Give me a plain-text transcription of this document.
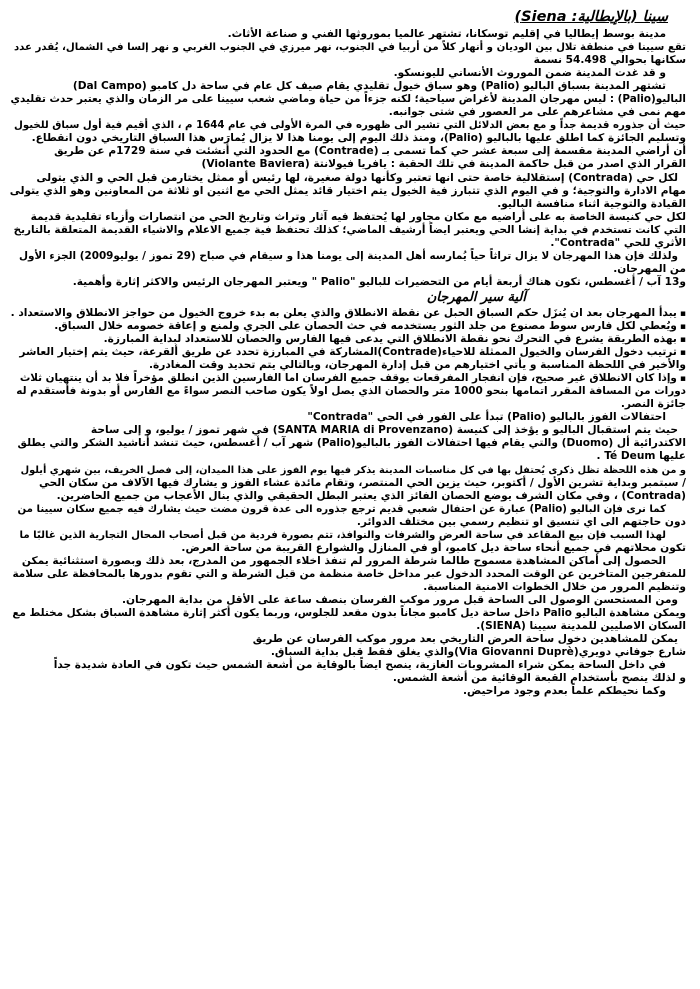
سينا (بالإيطالية: Siena)
مدينة بوسط إيطاليا في إقليم توسكانا، تشتهر عالميا بموروثها الفني و صناعة الأثاث.
تقع سيينا في منطقة تلال بين الوديان و أنهار كلاً من أربيا في الجنوب، نهر ميرزي في الجنوب الغربي و نهر إلسا في الشمال، يُقدر عدد
سكانها بحوالي 54.498 نسمة
و قد غدت المدينة ضمن الموروث الأنساني لليونسكو.
تشتهر المدينة بسباق البالیو (Palio) وهو سباق خيول تقليدي يقام صيف كل عام في ساحة دل كامبو (Dal Campo)
البالیو(Palio) : ليس مهرجان المدينة لأغراض سياحية؛ لكنه جزءاً من حياة وماضي شعب سيينا على مر الزمان والذي يعتبر حدث تقليدي
مهم نمى في مشاعرهم على مر العصور في شتى جوانبه.
حيث أن جذوره قديمة جداً و مع بعض الدلائل التي تشير الى ظهوره في المرة الأولى في عام 1644 م ، الذي أقيم فية أول سباق للخيول
وتسليم الجائزة كما اطلق عليها بالباليو (Palio)، ومنذ ذلك اليوم إلى يومنا هذا لا يزال يُمارَس هذا السباق التاريخي دون انقطاع.
أن أراضي المدينة مقسمة إلى سبعة عشر حي كما تسمى بـ (Contrade) مع الحدود التي أنشئت في سنة 1729م عن طريق
القرار الذي اصدر من قبل حاكمة المدينة في تلك الحقبة : يافريا فيولانتة (Violante Baviera)
لكل حي (Contrada) إستقلالية خاصة حتى انها تعتبر وكأنها دولة صغيرة، لها رئيس أو ممثل يختارمن قبل الحي و الذي يتولى
مهام الادارة والتوجية؛ و في اليوم الذي تتبارز فية الخيول يتم اختيار قائد يمثل الحي مع اثنين او ثلاثة من المعاونين وهو الذي يتولى
القيادة والتوجية اثناء منافسة الباليو.
لكل حي كنيسة الخاصة به على أراضيه مع مكان مجاور لها يُحتفظ فيه آثار وتراث وتاريخ الحي من انتصارات وأزياء تقليدية قديمة
التي كانت تستخدم في بداية إنشا الحي ويعتبر ايضاً أرشيف الماضي؛ كذلك تحتفظ فية جميع الاعلام والاشياء القديمة المتعلقة بالتاريخ
الأثري للحي "Contrada".
ولذلك فإن هذا المهرجان لا يزال تراثاً حياً يُمارسه أهل المدينة إلى يومنا هذا و سيقام في صباح (29 تموز / يوليو2009) الجزء الأول
من المهرجان.
و13 آب / أغسطس، تكون هناك أربعة أيام من التحضيرات للباليو "Palio " ويعتبر المهرجان الرئيس والاكثر إثارة وأهمية.
آلية سير المهرجان
▪ يبدأ المهرجان بعد ان يُنزَل حكم السباق الحبل عن نقطة الانطلاق والذي يعلن به بدء خروج الخيول من حواجز الانطلاق والاستعداد .
▪ ويُعطي لكل فارس سوط مصنوع من جلد الثور يستخدمه في حث الحصان على الجري ولمنع و إعاقة خصومه خلال السباق.
▪ بهذه الطريقة يشرع في التحرك نحو نقطة الانطلاق التي يدعى فيها الفارس والحصان للاستعداد لبداية المبارزة.
▪ ترتيب دخول الفرسان والخيول الممثلة للاحياء(Contrade)المشاركة في المبارزة تحدد عن طريق ألقرعة، حيث يتم إختيار العاشر
والأخير في اللحظة المناسبة و يأتي اختيارهم من قبل إدارة المهرجان، وبالتالي يتم تحديد وقت المغادرة.
▪ وإذا كان الانطلاق غير صحيح، فإن انفجار المفرقعات يوقف جميع الفرسان اما الفارسين الذين انطلق مؤخراً فلا بد أن ينتهيان ثلاث
دورات من المسافة المقرر اتمامها بنحو 1000 متر والحصان الذي يصل اولاً يكون صاحب النصر سواءً مع الفارس أو بدونة فأستقدم له
جائزة النصر.
احتفالات الفوز بالباليو (Palio) تبدأ على الفور في الحي "Contrada"
حيث يتم استقبال الباليو و يؤخذ إلى كنيسة (SANTA MARIA di Provenzano) في شهر تموز / يوليو، و إلى ساحة
الاكتدرائية أل (Duomo) والتي يقام فيها احتفالات الفوز بالباليو(Palio) شهر آب / أغسطس، حيث تنشد أناشيد الشكر والتي يطلق
عليها Té Deum .
و من هذه اللحظة تظل ذكرى يُحتفل بها في كل مناسبات المدينة يذكر فيها يوم الفوز على هذا الميدان، إلى فصل الخريف، بين شهري أيلول
/ سبتمبر وبداية تشرين الأول / أكتوبر، حيث يزين الحي المنتصر، وتقام مائدة عشاء الفوز و يشارك فيها الآلاف من سكان الحي
(Contrada) ، وفي مكان الشرف يوضع الحصان الفائز الذي يعتبر البطل الحقيقي والذي ينال الأعجاب من جميع الحاضرين.
كما نرى فإن الباليو (Palio) عبارة عن احتفال شعبي قديم ترجع جذوره الى عدة قرون مضت حيث يشارك فيه جميع سكان سيينا من
دون حاجتهم الى اي تنسيق او تنظيم رسمي بين مختلف الدوائر.
لهذا السبب فإن بيع المقاعد في ساحة العرض والشرفات والنوافذ، تتم بصورة فردية من قبل أصحاب المحال التجارية الذين غالبًا ما
تكون محلاتهم في جميع أنحاء ساحة ديل كامبو، أو في المنازل والشوارع القريبة من ساحة العرض.
الحصول إلى أماكن المشاهدة مسموح طالما شرطة المرور لم تنفذ اخلاء الجمهور من المدرج، بعد ذلك وبصورة استثنائية يمكن
للمتفرجين المتاخرين عن الوقت المحدد الدخول عبر مداخل خاصة منظمة من قبل الشرطة و التي تقوم بدورها بالمحافظة على سلامة
وتنظيم المرور من خلال الخطوات الامنية المناسبة.
ومن المستحسن الوصول الى الساحة قبل مرور موكب الفرسان بنصف ساعة على الأقل من بداية المهرجان.
ويمكن مشاهدة الباليو Palio داخل ساحة ديل كامبو مجاناً بدون مقعد للجلوس، وربما يكون أكثر إثارة مشاهدة السباق بشكل مختلط مع
السكان الاصليين للمدينة سيينا (SIENA).
يمكن للمشاهدين دخول ساحة العرض التاريخي بعد مرور موكب الفرسان عن طريق
شارع جوفاني دويري(Via Giovanni Duprè)والذي يغلق فقط قبل بداية السباق.
في داخل الساحة يمكن شراء المشروبات الغازية، ينصح ايضاً بالوقاية من أشعة الشمس حيث تكون في العادة شديدة جداً
و لذلك ينصح بأستخدام القبعة الوقائية من أشعة الشمس.
وكما نحيطكم علماً بعدم وجود مراحيض.
